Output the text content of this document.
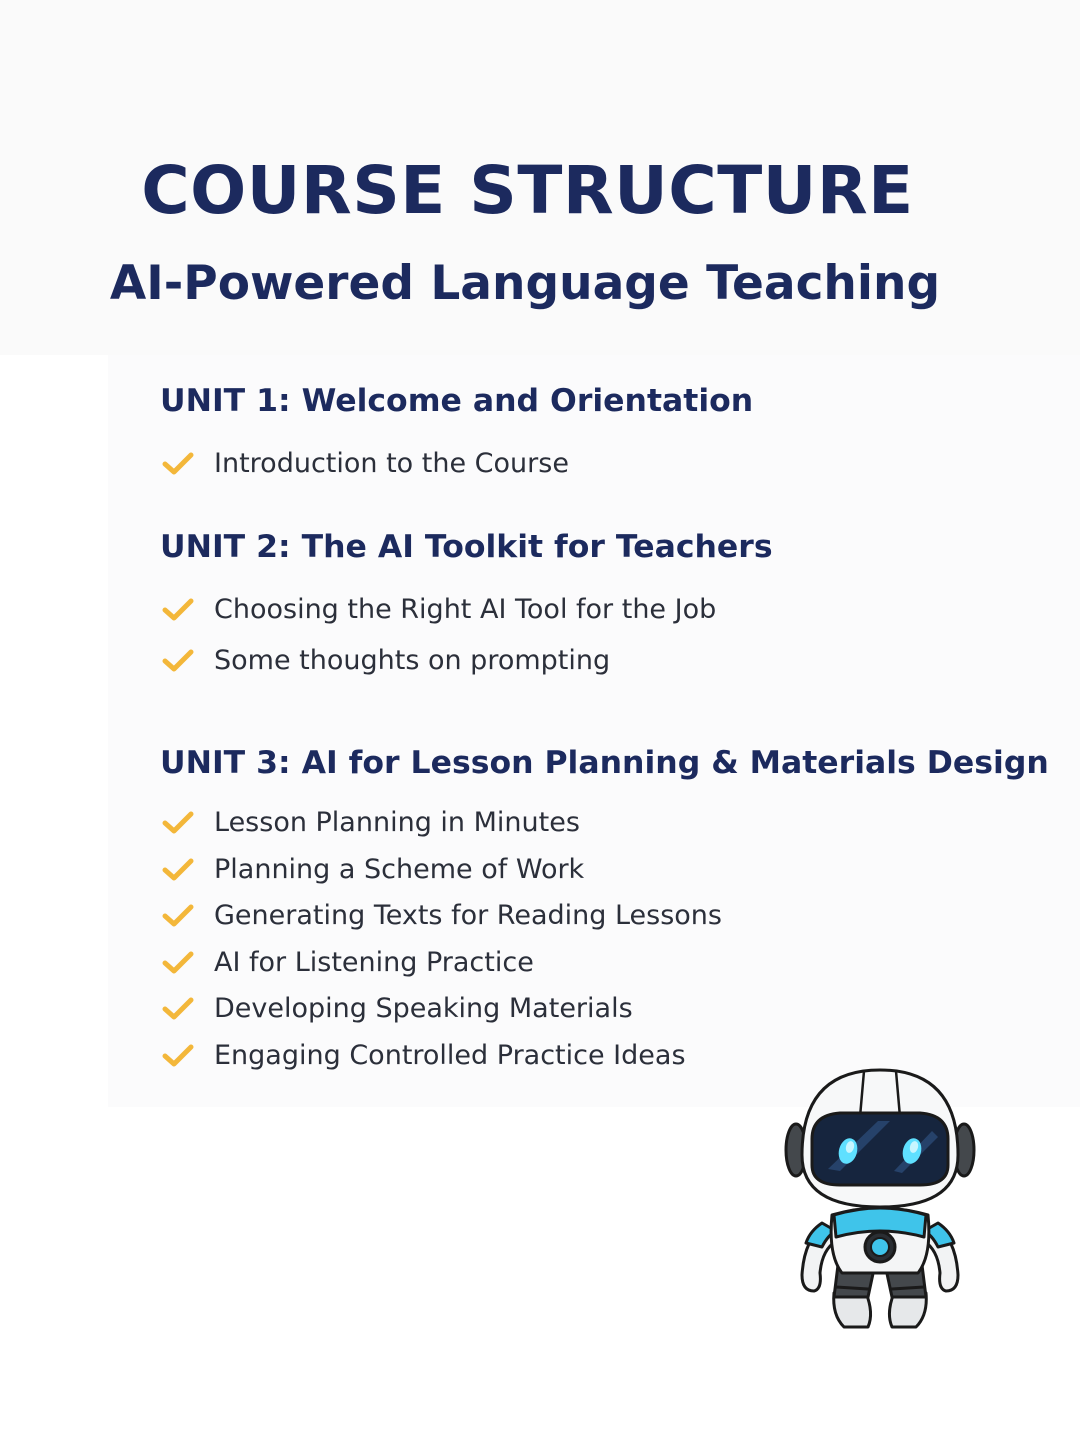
COURSE STRUCTURE
AI-Powered Language Teaching
UNIT 1: Welcome and Orientation
Introduction to the Course
UNIT 2: The AI Toolkit for Teachers
Choosing the Right AI Tool for the Job
Some thoughts on prompting
UNIT 3: AI for Lesson Planning & Materials Design
Lesson Planning in Minutes
Planning a Scheme of Work
Generating Texts for Reading Lessons
AI for Listening Practice
Developing Speaking Materials
Engaging Controlled Practice Ideas
